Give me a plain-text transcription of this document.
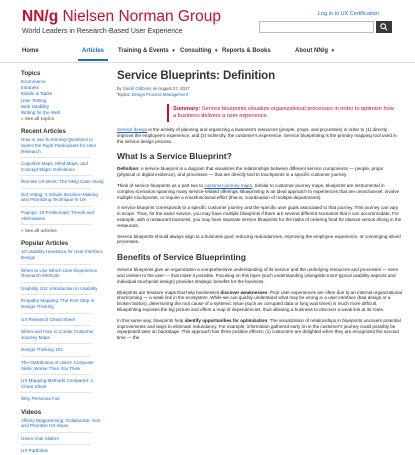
NN/g Nielsen Norman Group
World Leaders in Research-Based User Experience
Log in to UX Certification
Home	Articles Training & Events ▼ Consulting ▼ Reports & Books	About NN/g ▼
Topics
Ecommerce
Intranets
Mobile & Tablet
User Testing
Web Usability
Writing for the Web
» See all topics
Recent Articles
How to use Screening Questions to Select the Right Participants for User Research
Cognitive Maps, Mind Maps, and Concept Maps: Definitions
Remote UX Work: The NN/g Case Study
Dot Voting: A Simple Decision-Making and Prioritizing Technique in UX
Popups: 10 Problematic Trends and Alternatives
» See all articles
Popular Articles
10 Usability Heuristics for User Interface Design
When to Use Which User-Experience Research Methods
Usability 101: Introduction to Usability
Empathy Mapping: The First Step in Design Thinking
UX Research Cheat Sheet
When and How to Create Customer Journey Maps
Design Thinking 101
The Distribution of Users' Computer Skills: Worse Than You Think
UX Mapping Methods Compared: A Cheat Sheet
Why Personas Fail
Videos
Affinity Diagramming: Collaborate, Sort and Prioritize UX Ideas
Users Vote Sliders
UX Portfolios
Service Blueprints: Definition
by Sarah Gibbons on August 27, 2017
Topics: Design Process Management
Summary: Service blueprints visualize organizational processes in order to optimize how a business delivers a user experience.

Service design is the activity of planning and organizing a business's resources (people, props, and processes) in order to (1) directly improve the employee's experience, and (2) indirectly, the customer's experience. Service blueprinting is the primary mapping tool used in the service design process.

What Is a Service Blueprint?

Definition: A service blueprint is a diagram that visualizes the relationships between different service components — people, props (physical or digital evidence), and processes — that are directly tied to touchpoints in a specific customer journey.

Think of service blueprints as a part two to customer journey maps. Similar to customer-journey maps, blueprints are instrumental in complex scenarios spanning many service-related offerings. Blueprinting is an ideal approach to experiences that are omnichannel, involve multiple touchpoints, or require a crossfunctional effort (that is, coordination of multiple departments).

A service blueprint corresponds to a specific customer journey and the specific user goals associated to that journey. This journey can vary in scope. Thus, for the same service, you may have multiple blueprints if there are several different scenarios that it can accommodate. For example, with a restaurant business, you may have separate service blueprints for the tasks of ordering food for takeout versus dining in the restaurant.

Service blueprints should always align to a business goal: reducing redundancies, improving the employee experience, or converging siloed processes.

Benefits of Service Blueprinting

Service blueprints give an organization a comprehensive understanding of its service and the underlying resources and processes — seen and unseen to the user — that make it possible. Focusing on this layer (such understanding (alongside more typical usability aspects and individual touchpoint design) provides strategic benefits for the business.

Blueprints are treasure maps that help businesses discover weaknesses. Poor user experiences are often due to an internal organizational shortcoming — a weak link in the ecosystem. While we can quickly understand what may be wrong in a user interface (bad design or a broken button), determining the root cause of a systemic issue (such as corrupted data or long wait times) is much more difficult. Blueprinting exposes the big picture and offers a map of dependencies, thus allowing a business to discover a weak link at its roots.

In this same way, blueprints help identify opportunities for optimization. The visualization of relationships in blueprints uncovers potential improvements and ways to eliminate redundancy. For example, information gathered early on in the customer's journey could possibly be repurposed later on backstage. This approach has three positive effects: (1) customers are delighted when they are recognized the second time — the
